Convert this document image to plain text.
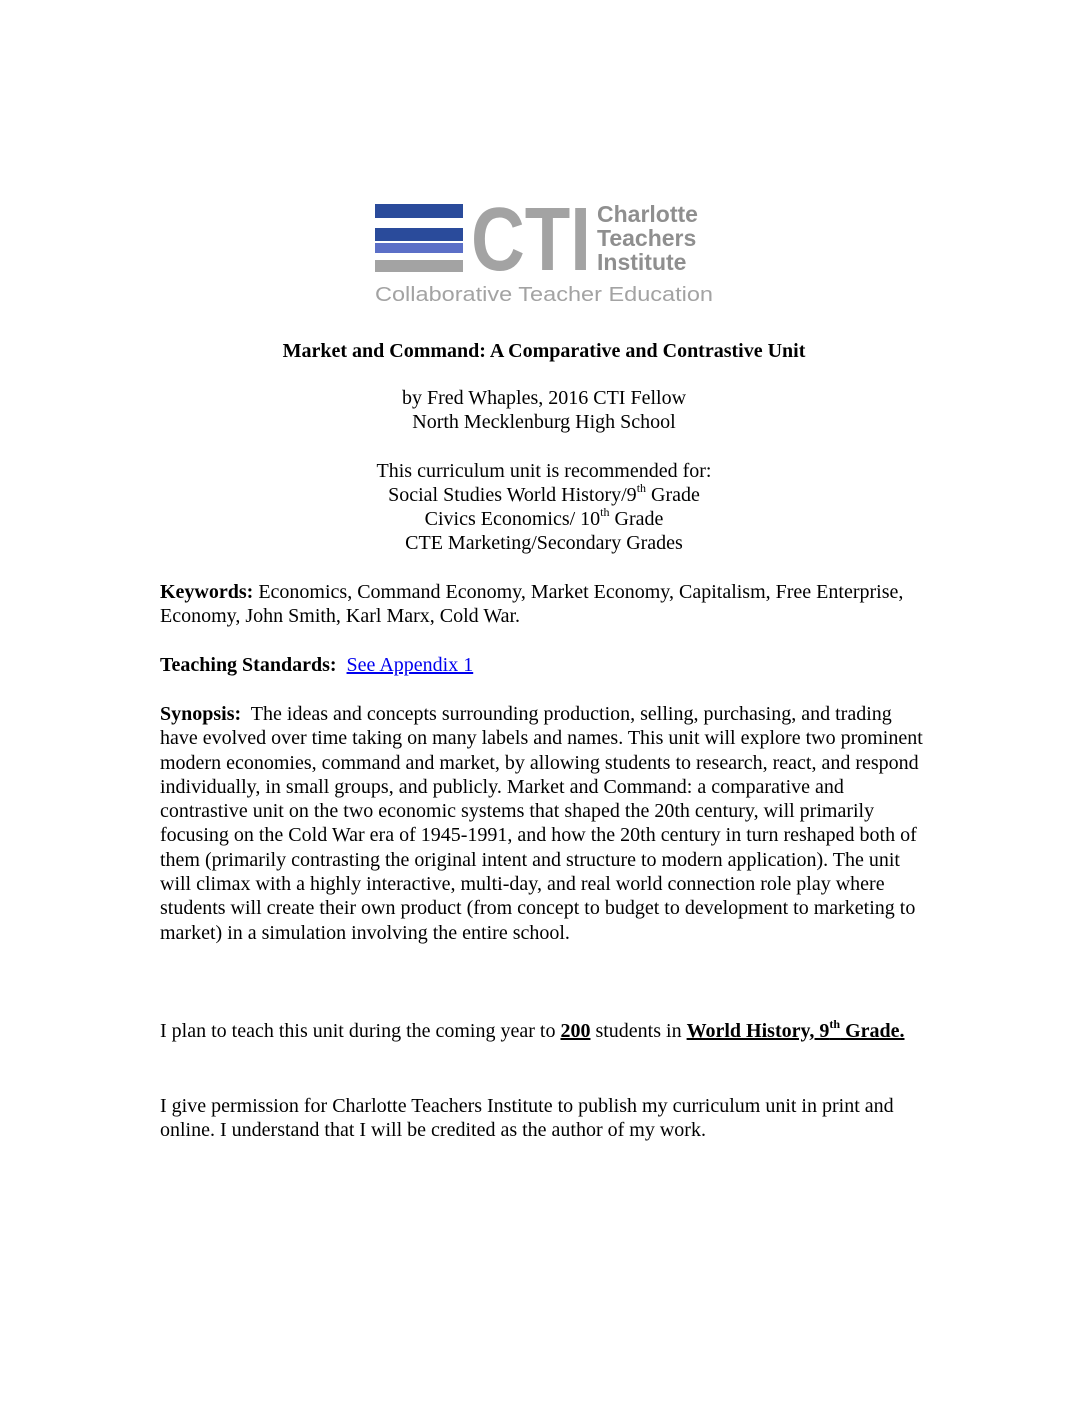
CTI Charlotte
Teachers
Institute
Collaborative Teacher Education
Market and Command: A Comparative and Contrastive Unit
by Fred Whaples, 2016 CTI Fellow
North Mecklenburg High School
This curriculum unit is recommended for:
Social Studies World History/9th Grade
Civics Economics/ 10th Grade
CTE Marketing/Secondary Grades
Keywords: Economics, Command Economy, Market Economy, Capitalism, Free Enterprise, Economy, John Smith, Karl Marx, Cold War.
Teaching Standards: See Appendix 1
Synopsis: The ideas and concepts surrounding production, selling, purchasing, and trading have evolved over time taking on many labels and names. This unit will explore two prominent modern economies, command and market, by allowing students to research, react, and respond individually, in small groups, and publicly. Market and Command: a comparative and contrastive unit on the two economic systems that shaped the 20th century, will primarily focusing on the Cold War era of 1945-1991, and how the 20th century in turn reshaped both of them (primarily contrasting the original intent and structure to modern application). The unit will climax with a highly interactive, multi-day, and real world connection role play where students will create their own product (from concept to budget to development to marketing to market) in a simulation involving the entire school.
I plan to teach this unit during the coming year to 200 students in World History, 9th Grade.
I give permission for Charlotte Teachers Institute to publish my curriculum unit in print and online. I understand that I will be credited as the author of my work.
